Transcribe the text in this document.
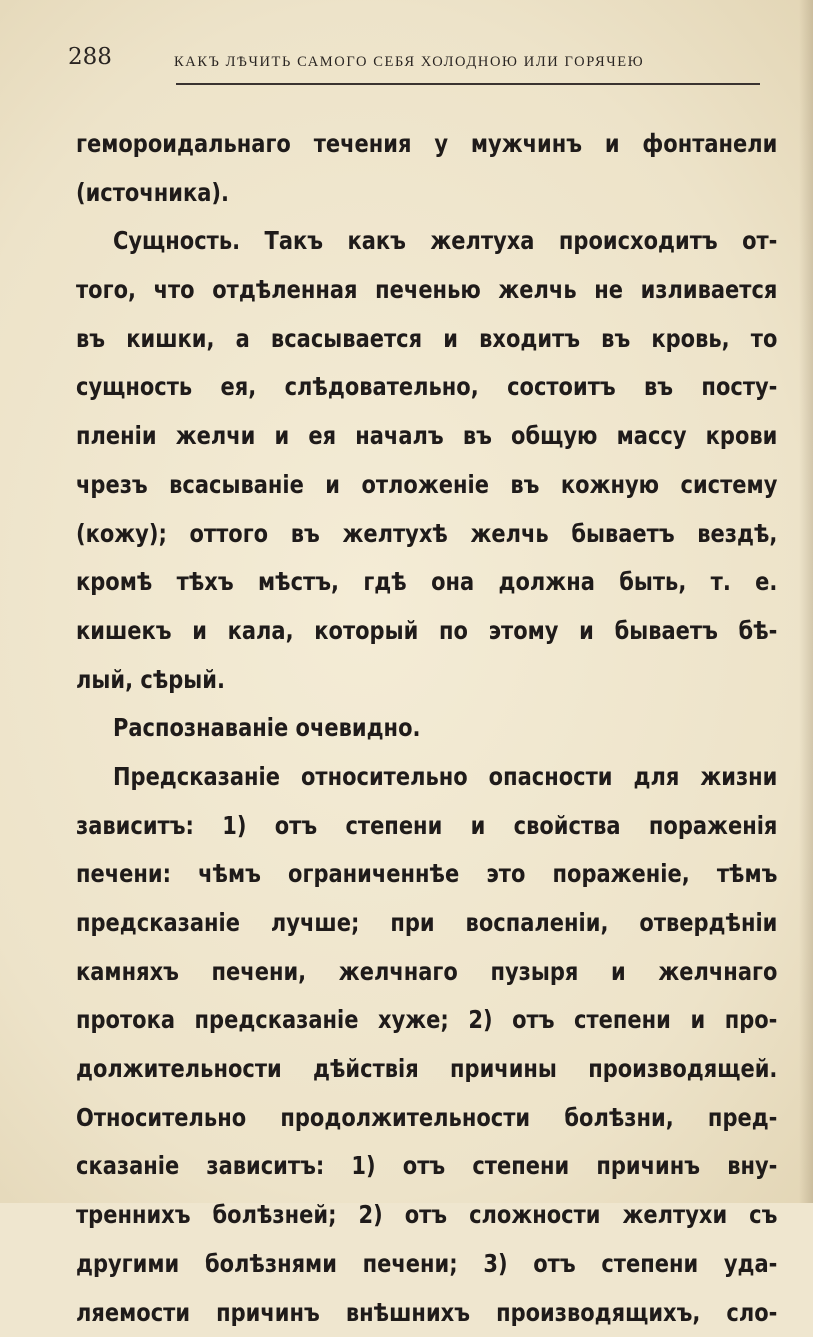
288	КАКЪ ЛѢЧИТЬ САМОГО СЕБЯ ХОЛОДНОЮ ИЛИ ГОРЯЧЕЮ
гемороидальнаго течения у мужчинъ и фонтанели
(источника).
Сущность. Такъ какъ желтуха происходитъ от-
того, что отдѣленная печенью желчь не изливается
въ кишки, а всасывается и входитъ въ кровь, то
сущность ея, слѣдовательно, состоитъ въ посту-
пленіи желчи и ея началъ въ общую массу крови
чрезъ всасываніе и отложеніе въ кожную систему
(кожу); оттого въ желтухѣ желчь бываетъ вездѣ,
кромѣ тѣхъ мѣстъ, гдѣ она должна быть, т. е.
кишекъ и кала, который по этому и бываетъ бѣ-
лый, сѣрый.
Распознаваніе очевидно.
Предсказаніе относительно опасности для жизни
зависитъ: 1) отъ степени и свойства пораженія
печени: чѣмъ ограниченнѣе это пораженіе, тѣмъ
предсказаніе лучше; при воспаленіи, отвердѣніи
камняхъ печени, желчнаго пузыря и желчнаго
протока предсказаніе хуже; 2) отъ степени и про-
должительности дѣйствія причины производящей.
Относительно продолжительности болѣзни, пред-
сказаніе зависитъ: 1) отъ степени причинъ вну-
треннихъ болѣзней; 2) отъ сложности желтухи съ
другими болѣзнями печени; 3) отъ степени уда-
ляемости причинъ внѣшнихъ производящихъ, сло-
